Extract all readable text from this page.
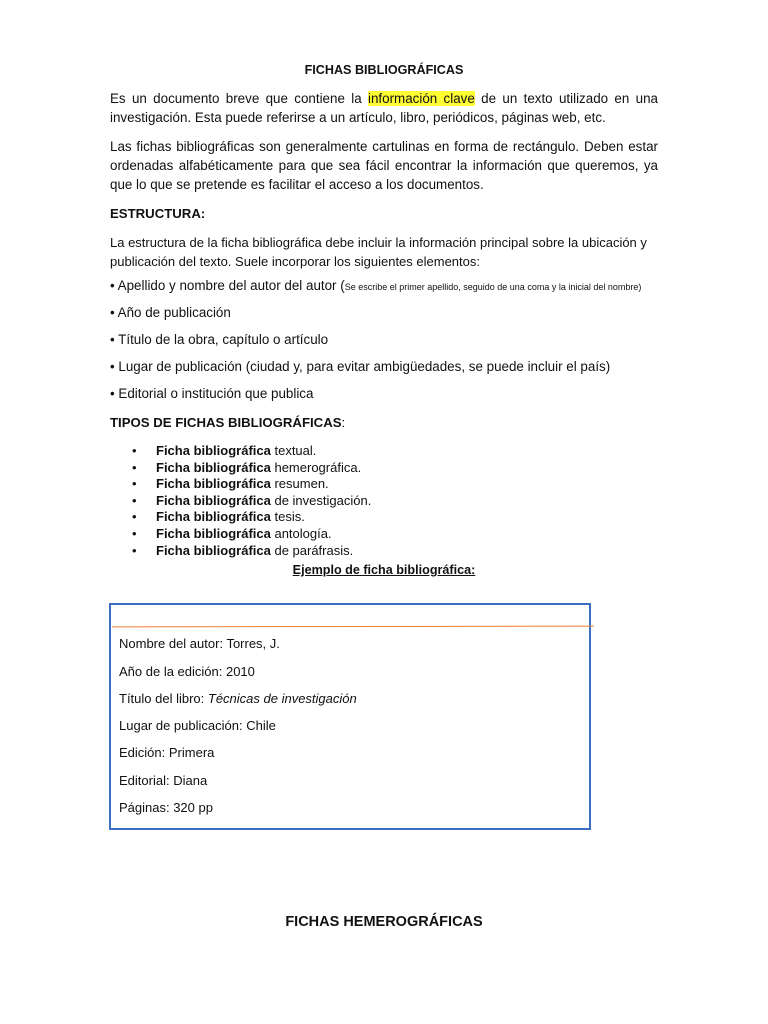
FICHAS BIBLIOGRÁFICAS

Es un documento breve que contiene la información clave de un texto utilizado en una investigación. Esta puede referirse a un artículo, libro, periódicos, páginas web, etc.

Las fichas bibliográficas son generalmente cartulinas en forma de rectángulo. Deben estar ordenadas alfabéticamente para que sea fácil encontrar la información que queremos, ya que lo que se pretende es facilitar el acceso a los documentos.

ESTRUCTURA:

La estructura de la ficha bibliográfica debe incluir la información principal sobre la ubicación y publicación del texto. Suele incorporar los siguientes elementos:

• Apellido y nombre del autor del autor (Se escribe el primer apellido, seguido de una coma y la inicial del nombre)

• Año de publicación

• Título de la obra, capítulo o artículo

• Lugar de publicación (ciudad y, para evitar ambigüedades, se puede incluir el país)

• Editorial o institución que publica

TIPOS DE FICHAS BIBLIOGRÁFICAS:

• Ficha bibliográfica textual.
• Ficha bibliográfica hemerográfica.
• Ficha bibliográfica resumen.
• Ficha bibliográfica de investigación.
• Ficha bibliográfica tesis.
• Ficha bibliográfica antología.
• Ficha bibliográfica de paráfrasis.

Ejemplo de ficha bibliográfica:

Nombre del autor: Torres, J.

Año de la edición: 2010

Título del libro: Técnicas de investigación

Lugar de publicación: Chile

Edición: Primera

Editorial: Diana

Páginas: 320 pp

FICHAS HEMEROGRÁFICAS
